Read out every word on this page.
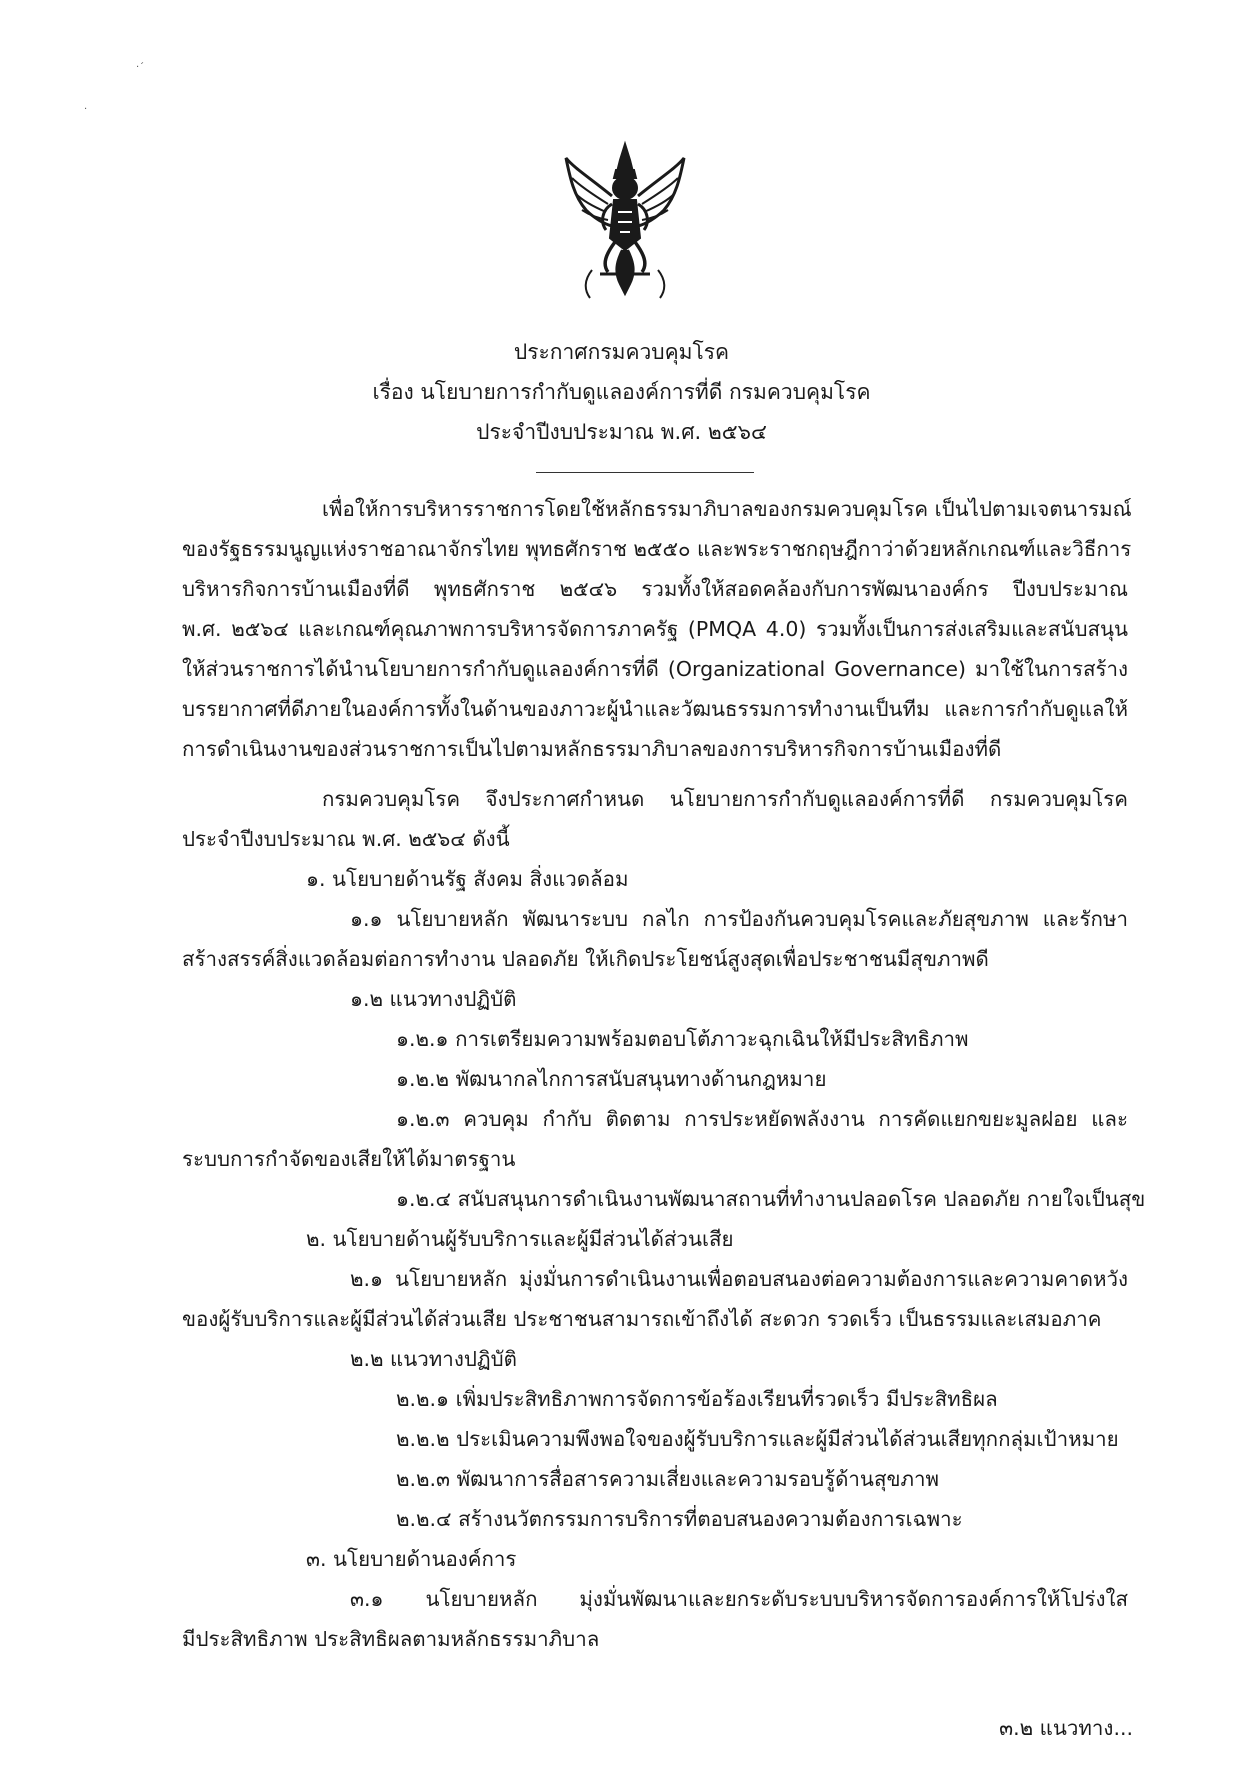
·´
·
ประกาศกรมควบคุมโรค
เรื่อง นโยบายการกำกับดูแลองค์การที่ดี กรมควบคุมโรค
ประจำปีงบประมาณ พ.ศ. ๒๕๖๔
เพื่อให้การบริหารราชการโดยใช้หลักธรรมาภิบาลของกรมควบคุมโรค เป็นไปตามเจตนารมณ์
ของรัฐธรรมนูญแห่งราชอาณาจักรไทย พุทธศักราช ๒๕๕๐ และพระราชกฤษฎีกาว่าด้วยหลักเกณฑ์และวิธีการ
บริหารกิจการบ้านเมืองที่ดี พุทธศักราช ๒๕๔๖ รวมทั้งให้สอดคล้องกับการพัฒนาองค์กร ปีงบประมาณ
พ.ศ. ๒๕๖๔ และเกณฑ์คุณภาพการบริหารจัดการภาครัฐ (PMQA 4.0) รวมทั้งเป็นการส่งเสริมและสนับสนุน
ให้ส่วนราชการได้นำนโยบายการกำกับดูแลองค์การที่ดี (Organizational Governance) มาใช้ในการสร้าง
บรรยากาศที่ดีภายในองค์การทั้งในด้านของภาวะผู้นำและวัฒนธรรมการทำงานเป็นทีม และการกำกับดูแลให้
การดำเนินงานของส่วนราชการเป็นไปตามหลักธรรมาภิบาลของการบริหารกิจการบ้านเมืองที่ดี
กรมควบคุมโรค จึงประกาศกำหนด นโยบายการกำกับดูแลองค์การที่ดี กรมควบคุมโรค
ประจำปีงบประมาณ พ.ศ. ๒๕๖๔ ดังนี้
๑. นโยบายด้านรัฐ สังคม สิ่งแวดล้อม
๑.๑ นโยบายหลัก พัฒนาระบบ กลไก การป้องกันควบคุมโรคและภัยสุขภาพ และรักษา
สร้างสรรค์สิ่งแวดล้อมต่อการทำงาน ปลอดภัย ให้เกิดประโยชน์สูงสุดเพื่อประชาชนมีสุขภาพดี
๑.๒ แนวทางปฏิบัติ
๑.๒.๑ การเตรียมความพร้อมตอบโต้ภาวะฉุกเฉินให้มีประสิทธิภาพ
๑.๒.๒ พัฒนากลไกการสนับสนุนทางด้านกฎหมาย
๑.๒.๓ ควบคุม กำกับ ติดตาม การประหยัดพลังงาน การคัดแยกขยะมูลฝอย และ
ระบบการกำจัดของเสียให้ได้มาตรฐาน
๑.๒.๔ สนับสนุนการดำเนินงานพัฒนาสถานที่ทำงานปลอดโรค ปลอดภัย กายใจเป็นสุข
๒. นโยบายด้านผู้รับบริการและผู้มีส่วนได้ส่วนเสีย
๒.๑ นโยบายหลัก มุ่งมั่นการดำเนินงานเพื่อตอบสนองต่อความต้องการและความคาดหวัง
ของผู้รับบริการและผู้มีส่วนได้ส่วนเสีย ประชาชนสามารถเข้าถึงได้ สะดวก รวดเร็ว เป็นธรรมและเสมอภาค
๒.๒ แนวทางปฏิบัติ
๒.๒.๑ เพิ่มประสิทธิภาพการจัดการข้อร้องเรียนที่รวดเร็ว มีประสิทธิผล
๒.๒.๒ ประเมินความพึงพอใจของผู้รับบริการและผู้มีส่วนได้ส่วนเสียทุกกลุ่มเป้าหมาย
๒.๒.๓ พัฒนาการสื่อสารความเสี่ยงและความรอบรู้ด้านสุขภาพ
๒.๒.๔ สร้างนวัตกรรมการบริการที่ตอบสนองความต้องการเฉพาะ
๓. นโยบายด้านองค์การ
๓.๑ นโยบายหลัก มุ่งมั่นพัฒนาและยกระดับระบบบริหารจัดการองค์การให้โปร่งใส
มีประสิทธิภาพ ประสิทธิผลตามหลักธรรมาภิบาล
๓.๒ แนวทาง...
